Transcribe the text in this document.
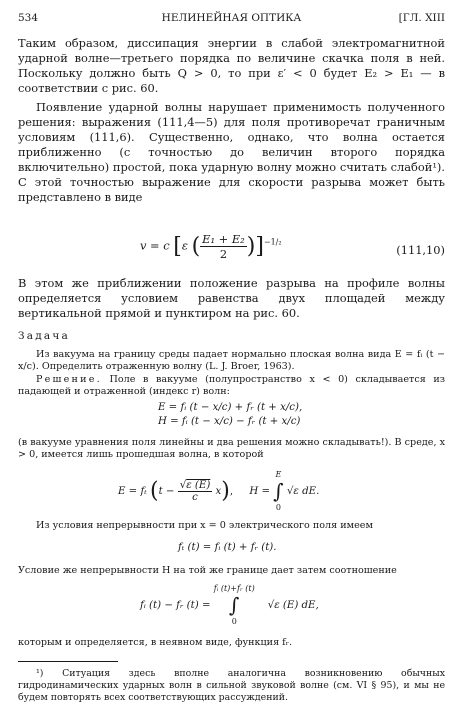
534	НЕЛИНЕЙНАЯ ОПТИКА	[ГЛ. XIII

Таким образом, диссипация энергии в слабой электромагнитной ударной волне—третьего порядка по величине скачка поля в ней. Поскольку должно быть Q > 0, то при ε′ < 0 будет E₂ > E₁ — в соответствии с рис. 60.

Появление ударной волны нарушает применимость полученного решения: выражения (111,4—5) для поля противоречат граничным условиям (111,6). Существенно, однако, что волна остается приближенно (с точностью до величин второго порядка включительно) простой, пока ударную волну можно считать слабой¹). С этой точностью выражение для скорости разрыва может быть представлено в виде

v = c [ε ( $\frac{\text{E₁ + E₂}}{2} )]^{-1/_2}$
(111,10)

В этом же приближении положение разрыва на профиле волны определяется условием равенства двух площадей между вертикальной прямой и пунктиром на рис. 60.

Задача

Из вакуума на границу среды падает нормально плоская волна вида E = fᵢ (t − x/c). Определить отраженную волну (L. J. Broer, 1963).

Решение. Поле в вакууме (полупространство x < 0) складывается из падающей и отраженной (индекс r) волн:

E = fᵢ (t − x/c) + fᵣ (t + x/c),
H = fᵢ (t − x/c) − fᵣ (t + x/c)

(в вакууме уравнения поля линейны и два решения можно складывать!). В среде, x > 0, имеется лишь прошедшая волна, в которой

E = fₜ $(t - \frac{√\varepsilon (E)}{c} x)$, H =
E
∫
0
√ε dE.

Из условия непрерывности при x = 0 электрического поля имеем

fₜ (t) = fᵢ (t) + fᵣ (t).

Условие же непрерывности H на той же границе дает затем соотношение

fᵢ (t) − fᵣ (t) =
fᵢ (t)+fᵣ (t)
∫
0
√ε (E) dE,

которым и определяется, в неявном виде, функция fᵣ.

¹) Ситуация здесь вполне аналогична возникновению обычных гидродинамических ударных волн в сильной звуковой волне (см. VI § 95), и мы не будем повторять всех соответствующих рассуждений.
